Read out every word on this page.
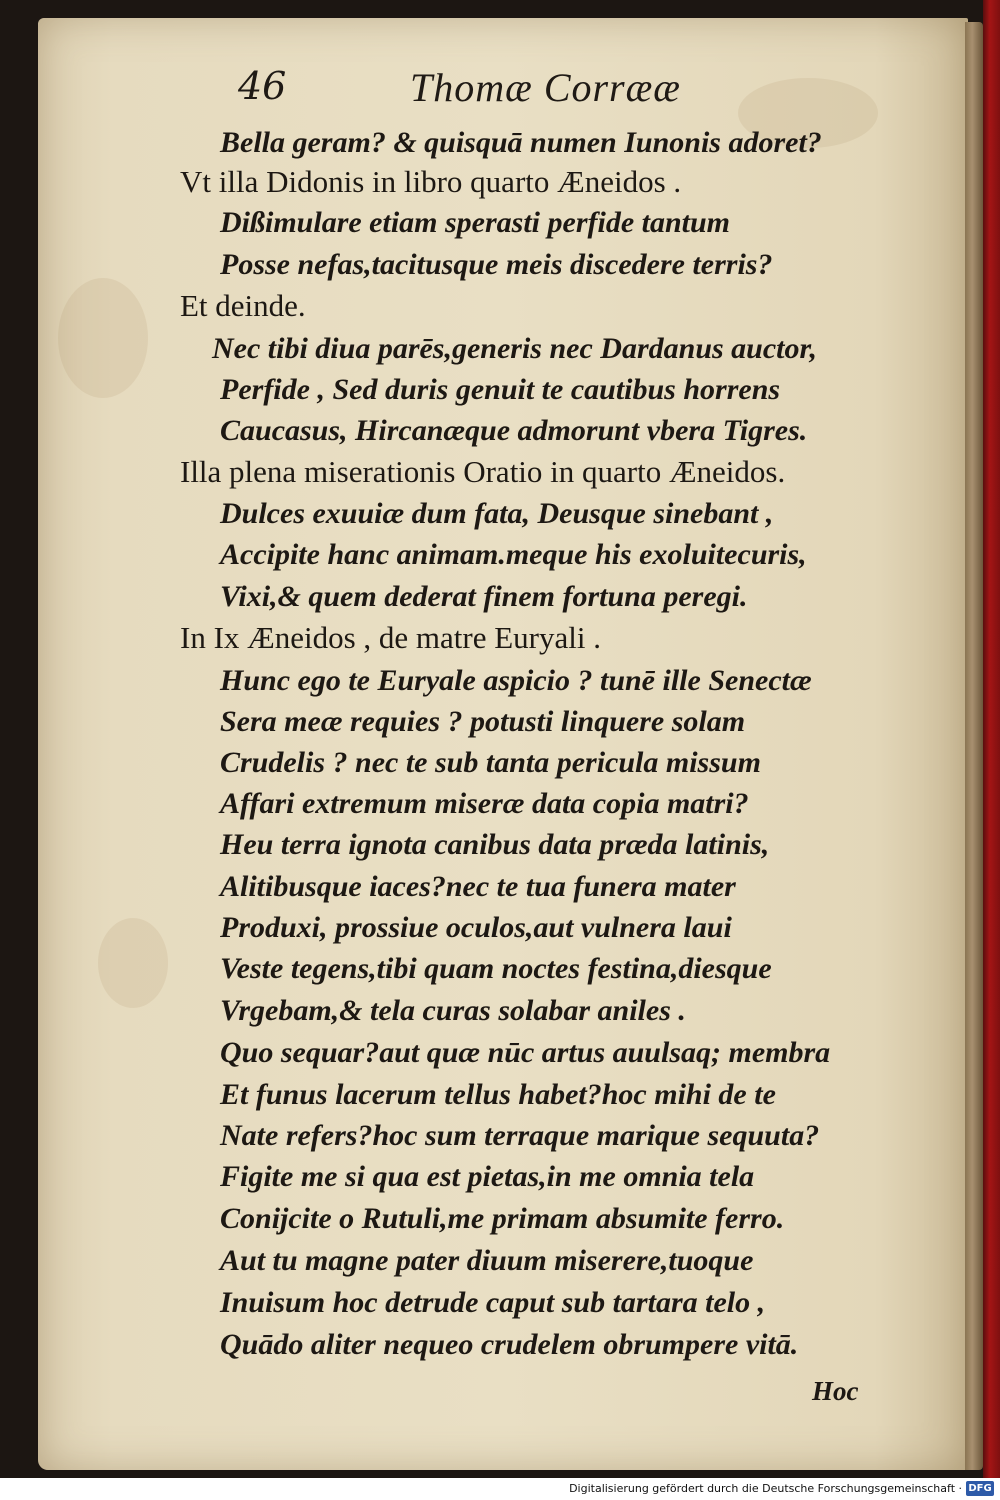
46	Thomæ Corrææ
Bella geram? & quisquā numen Iunonis adoret?
Vt illa Didonis in libro quarto Æneidos .
Dißimulare etiam sperasti perfide tantum
Posse nefas,tacitusque meis discedere terris?
Et deinde.
Nec tibi diua parēs,generis nec Dardanus auctor,
Perfide , Sed duris genuit te cautibus horrens
Caucasus, Hircanæque admorunt vbera Tigres.
Illa plena miserationis Oratio in quarto Æneidos.
Dulces exuuiæ dum fata, Deusque sinebant ,
Accipite hanc animam.meque his exoluitecuris,
Vixi,& quem dederat finem fortuna peregi.
In Ix Æneidos , de matre Euryali .
Hunc ego te Euryale aspicio ? tunē ille Senectæ
Sera meæ requies ? potusti linquere solam
Crudelis ? nec te sub tanta pericula missum
Affari extremum miseræ data copia matri?
Heu terra ignota canibus data præda latinis,
Alitibusque iaces?nec te tua funera mater
Produxi, prossiue oculos,aut vulnera laui
Veste tegens,tibi quam noctes festina,diesque
Vrgebam,& tela curas solabar aniles .
Quo sequar?aut quæ nūc artus auulsaq; membra
Et funus lacerum tellus habet?hoc mihi de te
Nate refers?hoc sum terraque marique sequuta?
Figite me si qua est pietas,in me omnia tela
Conijcite o Rutuli,me primam absumite ferro.
Aut tu magne pater diuum miserere,tuoque
Inuisum hoc detrude caput sub tartara telo ,
Quādo aliter nequeo crudelem obrumpere vitā.
Hoc
Digitalisierung gefördert durch die Deutsche Forschungsgemeinschaft · DFG
